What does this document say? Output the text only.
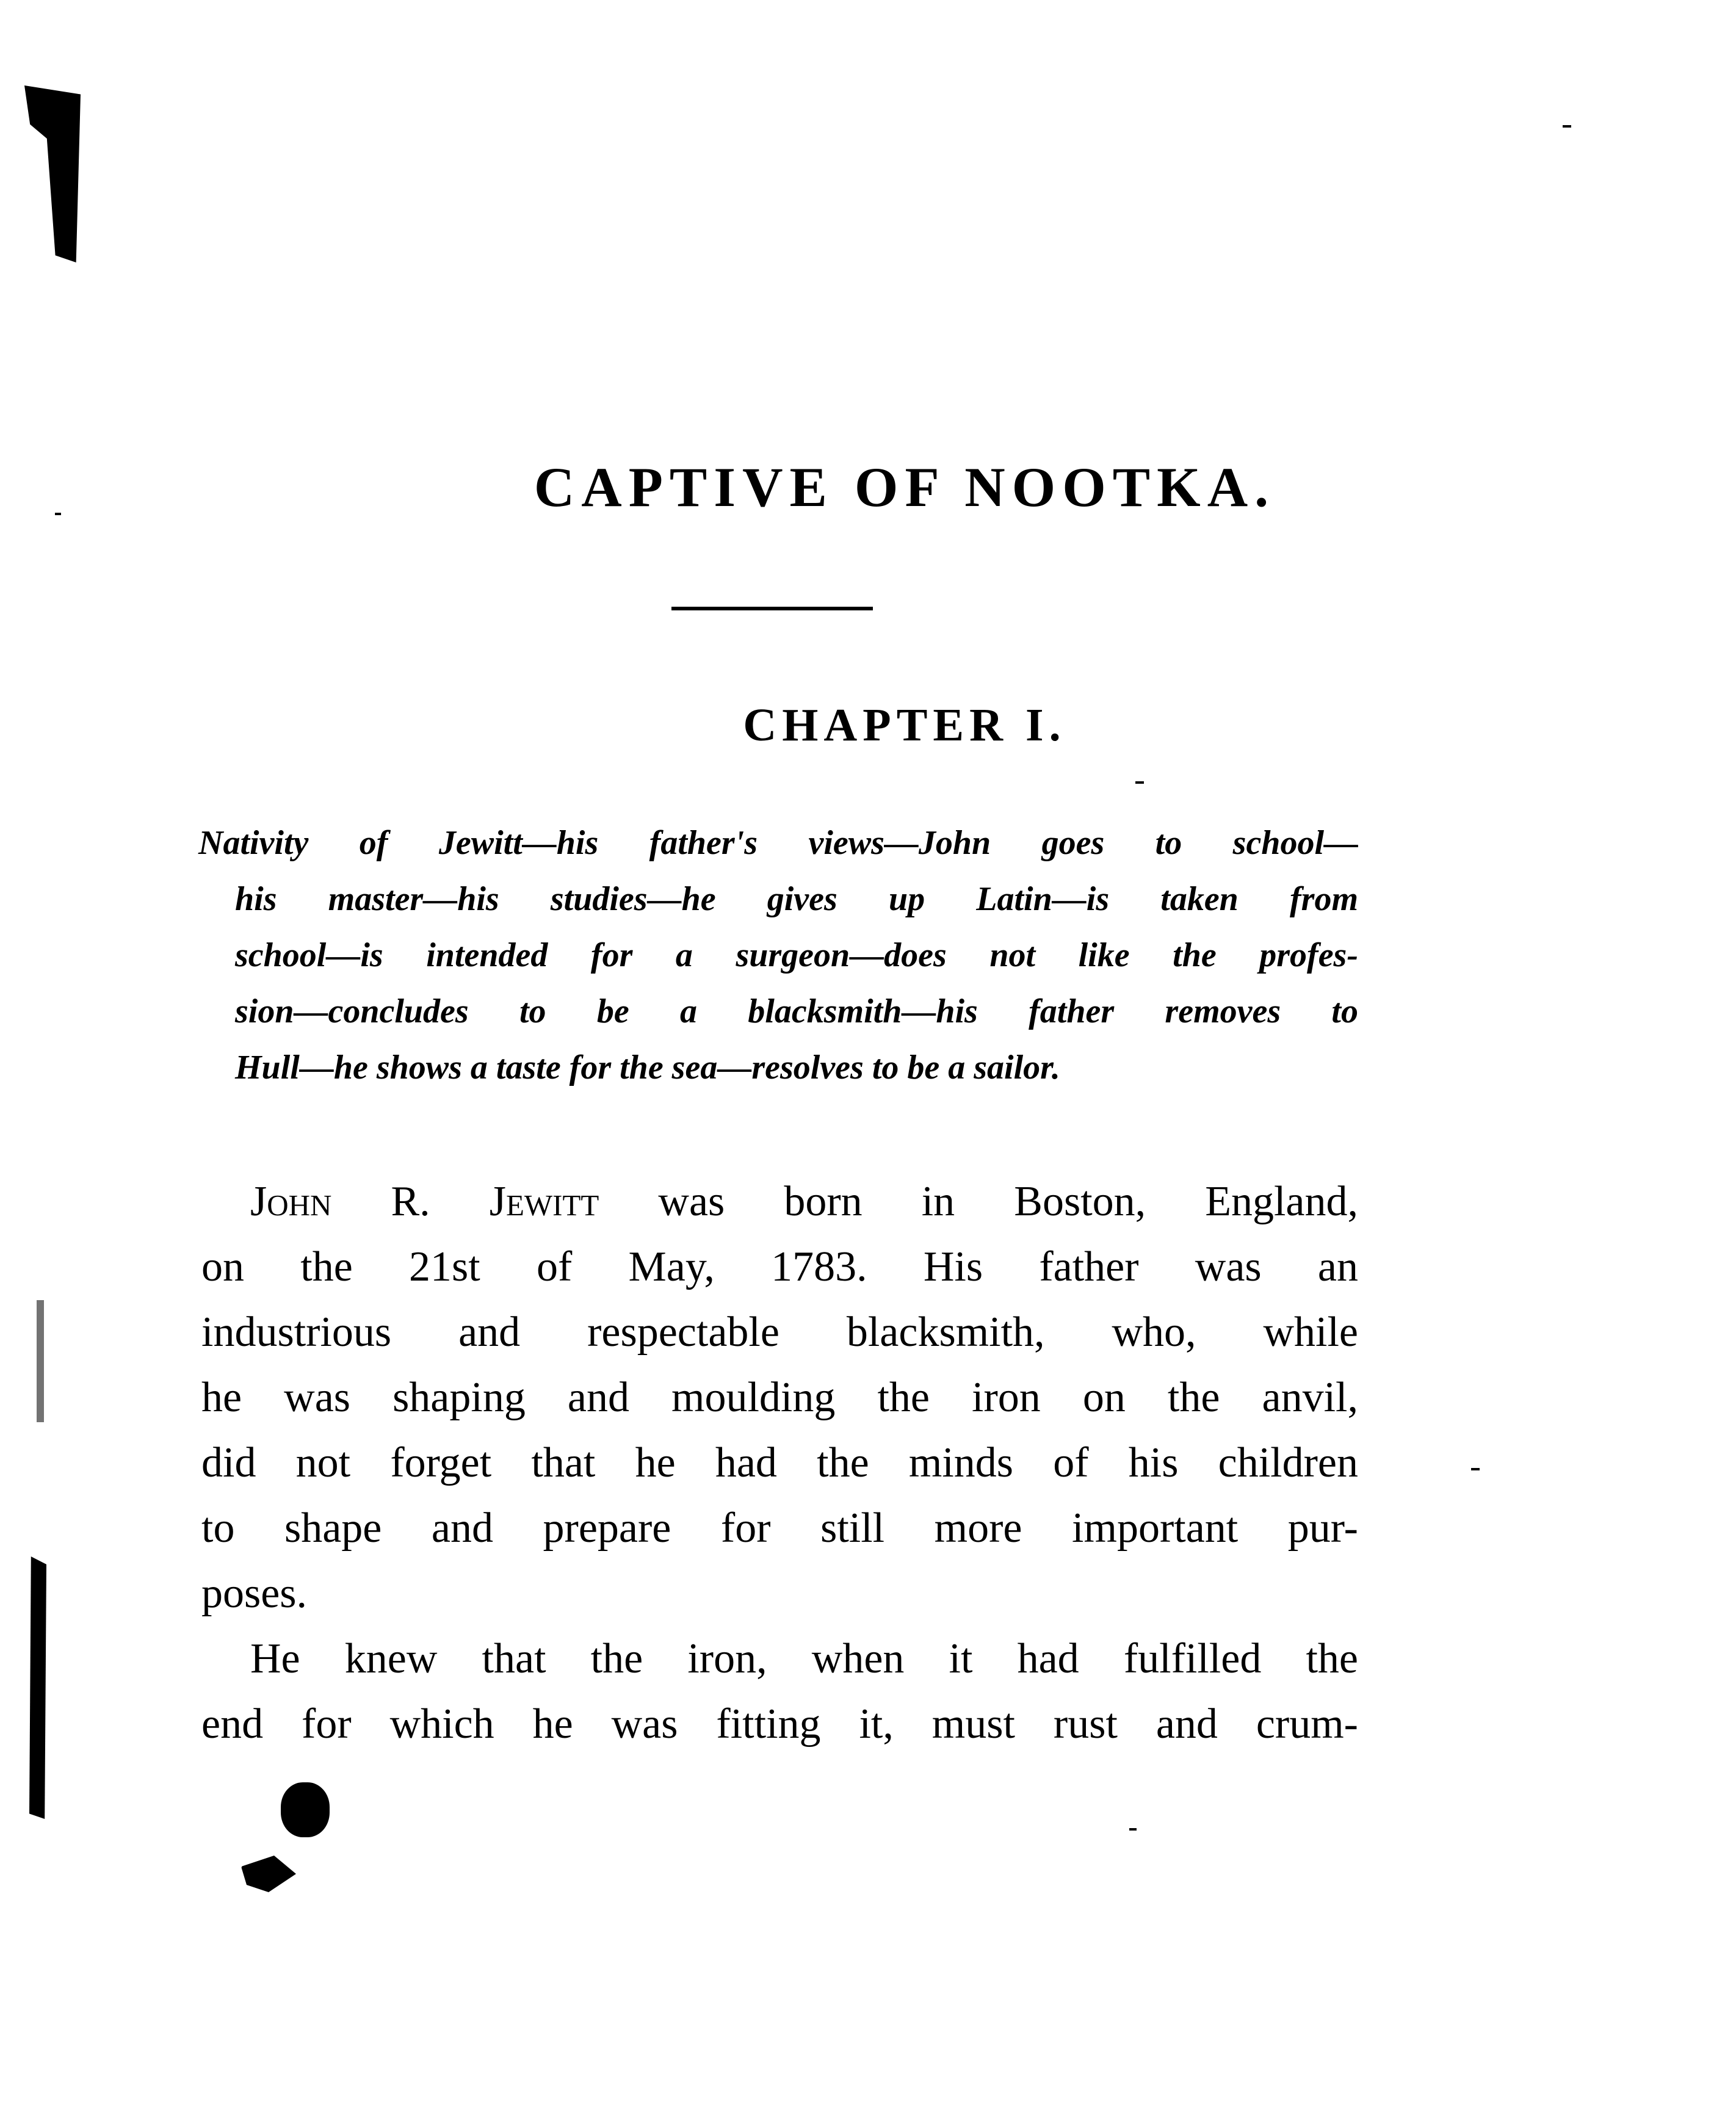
CAPTIVE OF NOOTKA.
CHAPTER I.
Nativity of Jewitt—his father's views—John goes to school—
his master—his studies—he gives up Latin—is taken from
school—is intended for a surgeon—does not like the profes-
sion—concludes to be a blacksmith—his father removes to
Hull—he shows a taste for the sea—resolves to be a sailor.
John R. Jewitt was born in Boston, England,
on the 21st of May, 1783. His father was an
industrious and respectable blacksmith, who, while
he was shaping and moulding the iron on the anvil,
did not forget that he had the minds of his children
to shape and prepare for still more important pur-
poses.
He knew that the iron, when it had fulfilled the
end for which he was fitting it, must rust and crum-
